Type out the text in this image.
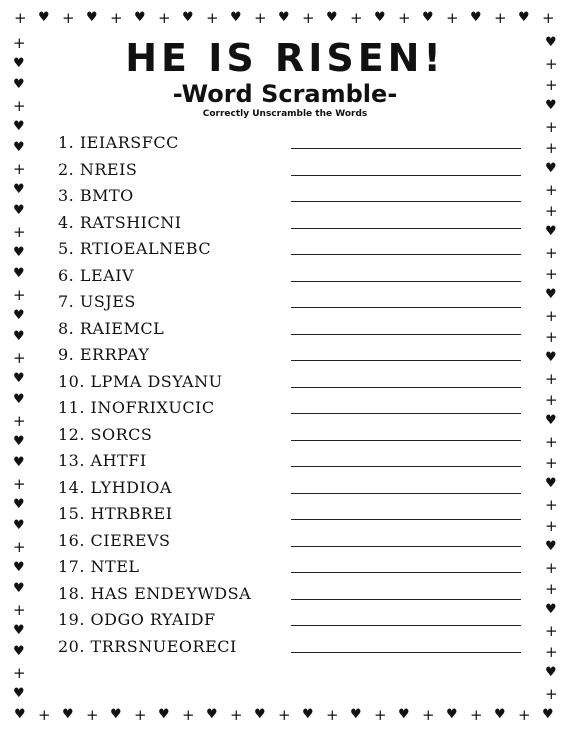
+
♥
♥
+
+
♥
♥
+
+
♥
♥
+
+
♥
♥
+
+
♥
♥
+
+
♥
♥
+
+
♥
♥
+
+
♥
♥
+
+
♥
♥
+
+
♥
♥
+
+
♥
♥
+
+
♥
+	♥
♥	+
♥	+
+	♥
♥	+
♥	+
+	♥
♥	+
♥	+
+	♥
♥	+
♥	+
+	♥
♥	+
♥	+
+	♥
♥	+
♥	+
+	♥
♥	+
♥	+
+	♥
♥	+
♥	+
+	♥
♥	+
♥	+
+	♥
♥	+
♥	+
+	♥
♥	+
HE IS RISEN!
-Word Scramble-
Correctly Unscramble the Words
1. IEIARSFCC
2. NREIS
3. BMTO
4. RATSHICNI
5. RTIOEALNEBC
6. LEAIV
7. USJES
8. RAIEMCL
9. ERRPAY
10. LPMA DSYANU
11. INOFRIXUCIC
12. SORCS
13. AHTFI
14. LYHDIOA
15. HTRBREI
16. CIEREVS
17. NTEL
18. HAS ENDEYWDSA
19. ODGO RYAIDF
20. TRRSNUEORECI
